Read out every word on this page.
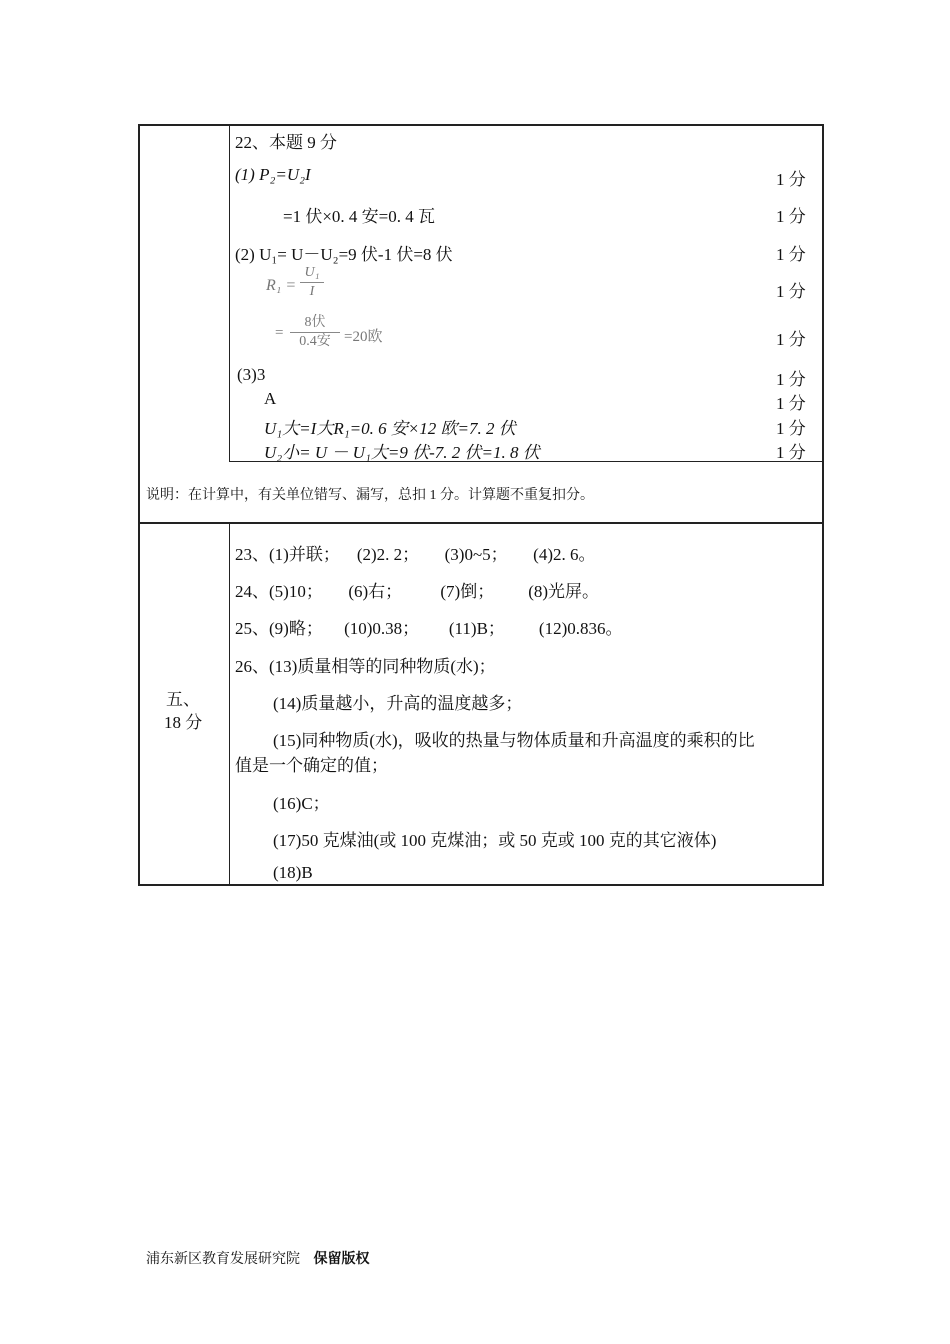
22、本题 9 分
(1) P₂=U₂I	1 分
=1 伏×0. 4 安=0. 4 瓦	1 分
(2) U₁= U－U₂=9 伏-1 伏=8 伏	1 分
R₁ =
U₁
I	1 分
=
8伏
0.4安 =20欧	1 分
(3)3	1 分
A	1 分
U₁大=I大R₁=0. 6 安×12 欧=7. 2 伏	1 分
U₂小= U － U₁大=9 伏-7. 2 伏=1. 8 伏	1 分
说明：在计算中，有关单位错写、漏写，总扣 1 分。计算题不重复扣分。
五、
18 分
23、(1)并联；    (2)2. 2；      (3)0~5；      (4)2. 6。
24、(5)10；      (6)右；         (7)倒；        (8)光屏。
25、(9)略；     (10)0.38；       (11)B；        (12)0.836。
26、(13)质量相等的同种物质(水)；
(14)质量越小，升高的温度越多；
(15)同种物质(水)，吸收的热量与物体质量和升高温度的乘积的比
值是一个确定的值；
(16)C；
(17)50 克煤油(或 100 克煤油；或 50 克或 100 克的其它液体)
(18)B
浦东新区教育发展研究院 保留版权
